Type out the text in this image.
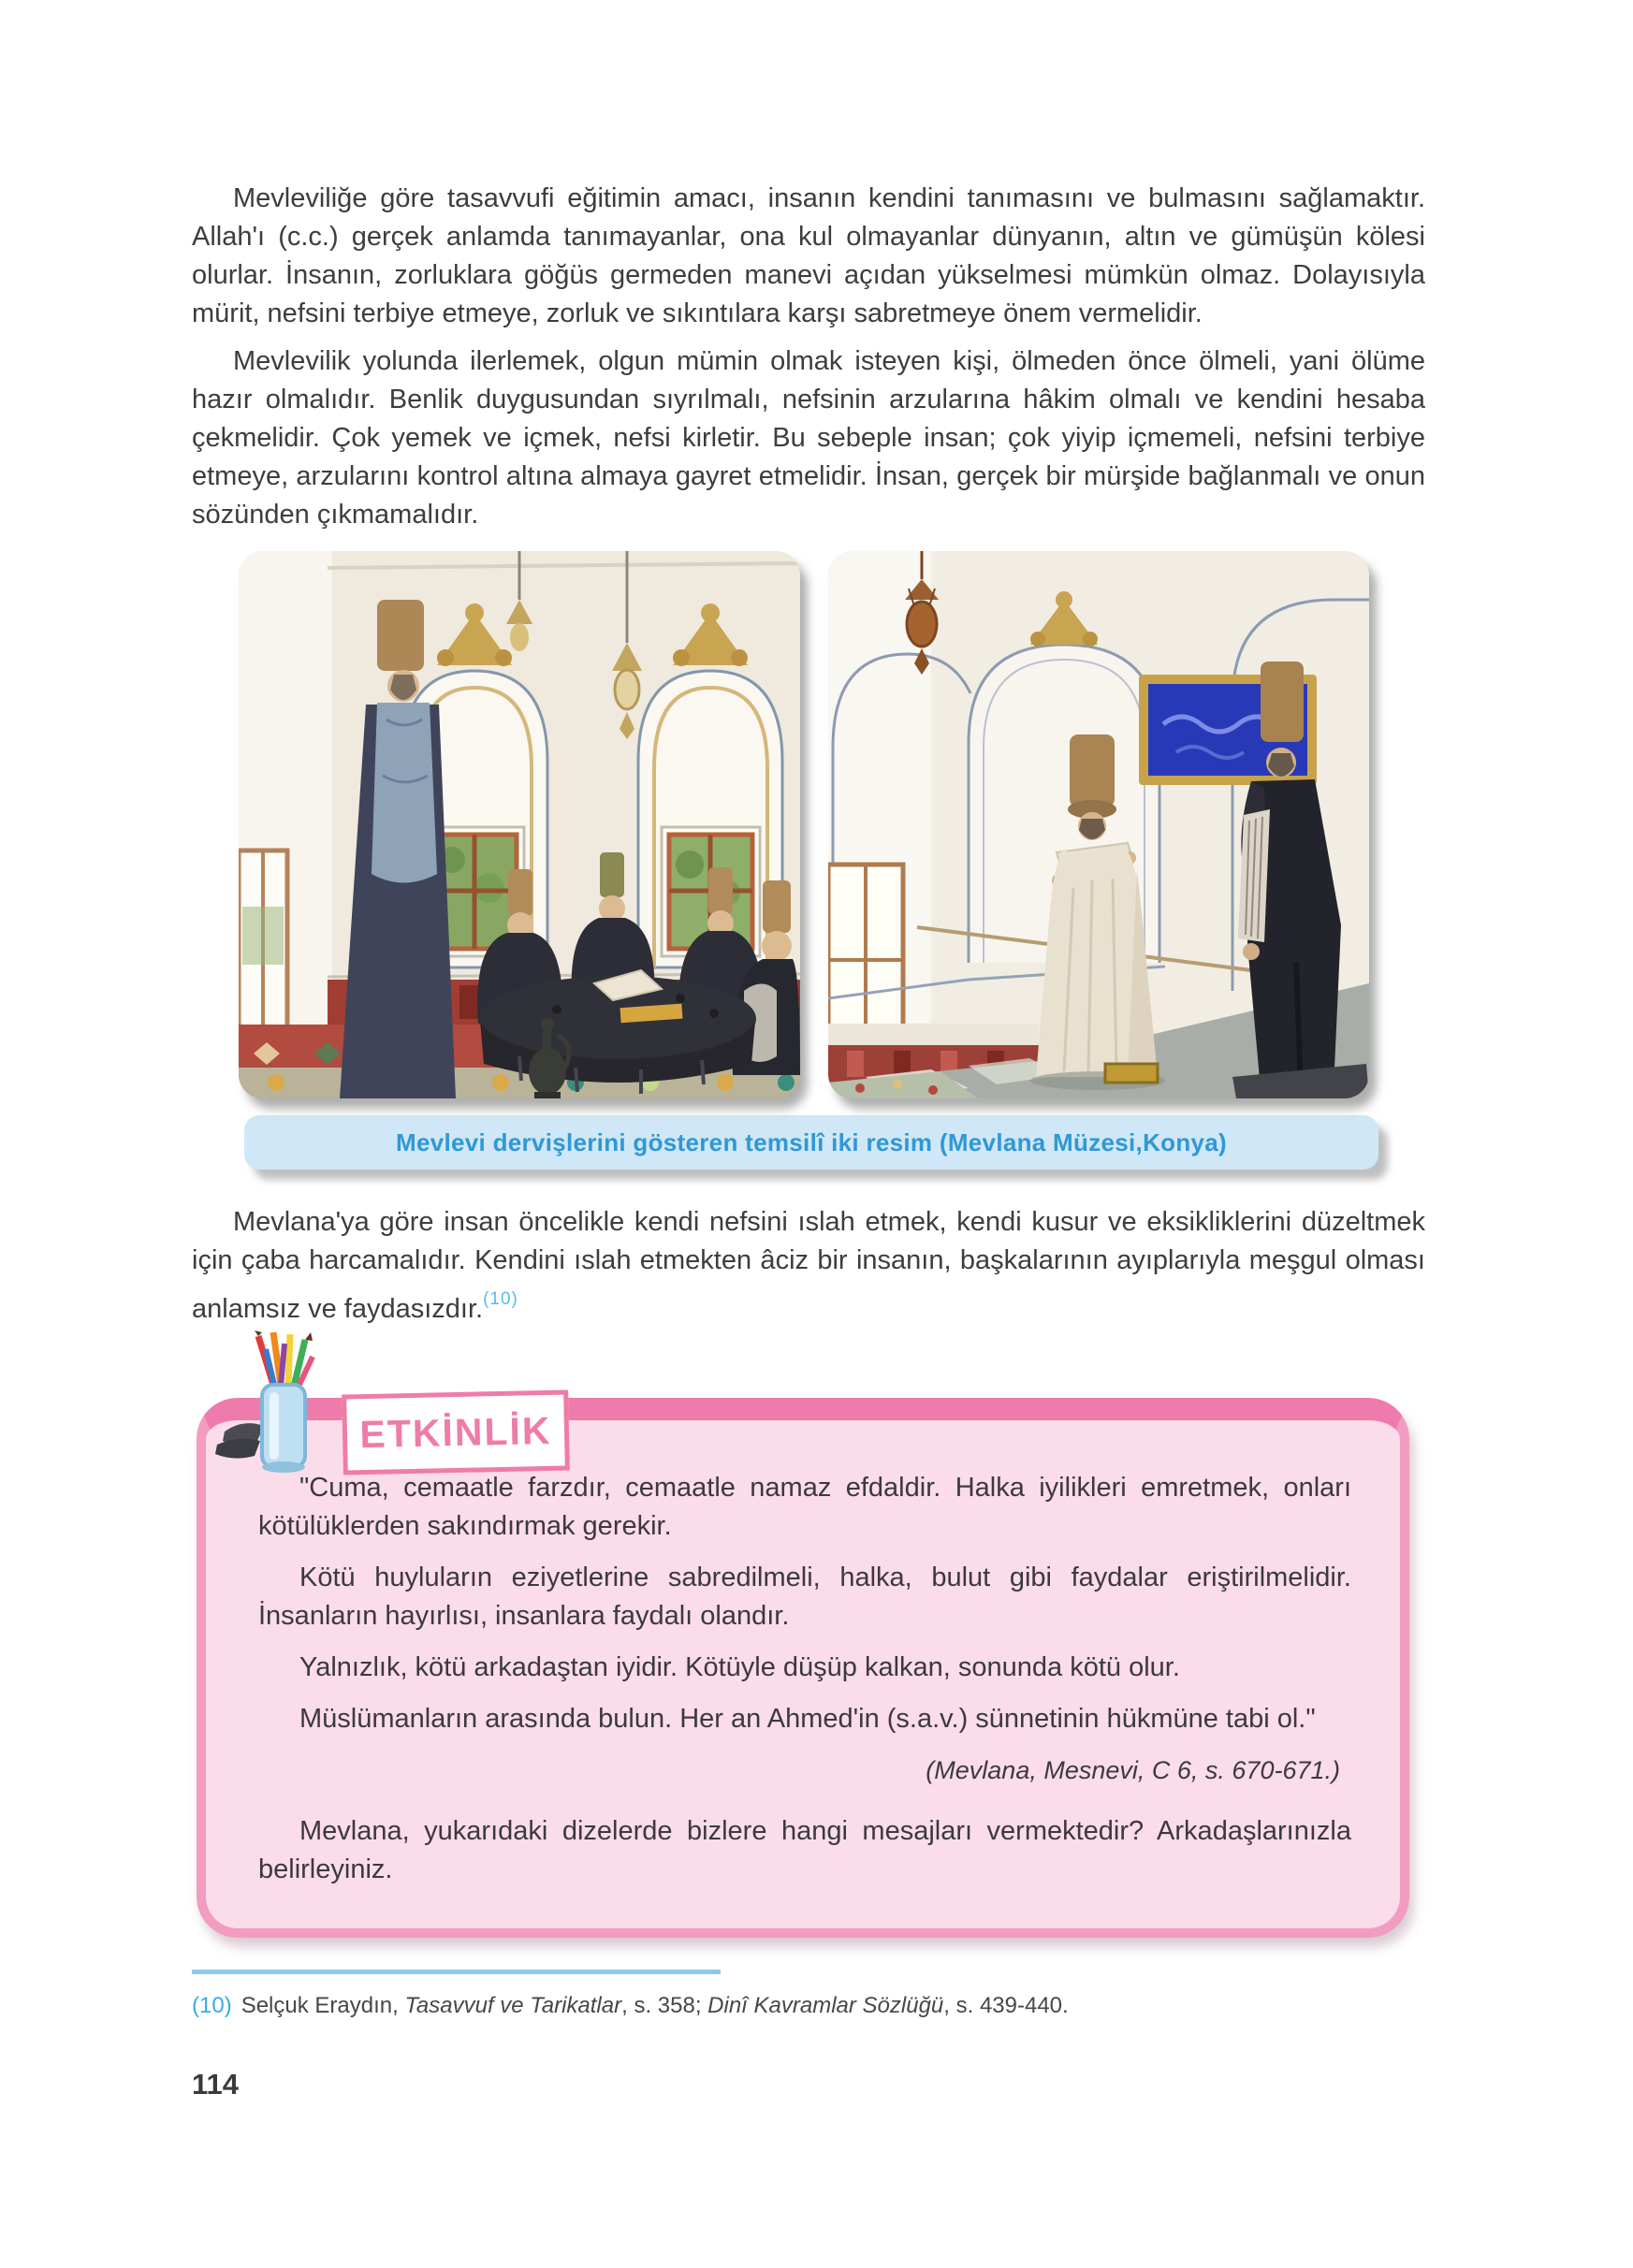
Mevleviliğe göre tasavvufi eğitimin amacı, insanın kendini tanımasını ve bulmasını sağlamaktır. Allah'ı (c.c.) gerçek anlamda tanımayanlar, ona kul olmayanlar dünyanın, altın ve gümüşün kölesi olurlar. İnsanın, zorluklara göğüs germeden manevi açıdan yükselmesi mümkün olmaz. Dolayısıyla mürit, nefsini terbiye etmeye, zorluk ve sıkıntılara karşı sabretmeye önem vermelidir.

Mevlevilik yolunda ilerlemek, olgun mümin olmak isteyen kişi, ölmeden önce ölmeli, yani ölüme hazır olmalıdır. Benlik duygusundan sıyrılmalı, nefsinin arzularına hâkim olmalı ve kendini hesaba çekmelidir. Çok yemek ve içmek, nefsi kirletir. Bu sebeple insan; çok yiyip içmemeli, nefsini terbiye etmeye, arzularını kontrol altına almaya gayret etmelidir. İnsan, gerçek bir mürşide bağlanmalı ve onun sözünden çıkmamalıdır.

Mevlevi dervişlerini gösteren temsilî iki resim (Mevlana Müzesi,Konya)

Mevlana'ya göre insan öncelikle kendi nefsini ıslah etmek, kendi kusur ve eksikliklerini düzeltmek için çaba harcamalıdır. Kendini ıslah etmekten âciz bir insanın, başkalarının ayıplarıyla meşgul olması anlamsız ve faydasızdır.$^{(10)}$

ETKİNLİK

"Cuma, cemaatle farzdır, cemaatle namaz efdaldir. Halka iyilikleri emretmek, onları kötülüklerden sakındırmak gerekir.

Kötü huyluların eziyetlerine sabredilmeli, halka, bulut gibi faydalar eriştirilmelidir. İnsanların hayırlısı, insanlara faydalı olandır.

Yalnızlık, kötü arkadaştan iyidir. Kötüyle düşüp kalkan, sonunda kötü olur.

Müslümanların arasında bulun. Her an Ahmed'in (s.a.v.) sünnetinin hükmüne tabi ol."

(Mevlana, Mesnevi, C 6, s. 670-671.)

Mevlana, yukarıdaki dizelerde bizlere hangi mesajları vermektedir? Arkadaşlarınızla belirleyiniz.

(10) Selçuk Eraydın, Tasavvuf ve Tarikatlar, s. 358; Dinî Kavramlar Sözlüğü, s. 439-440.
114
